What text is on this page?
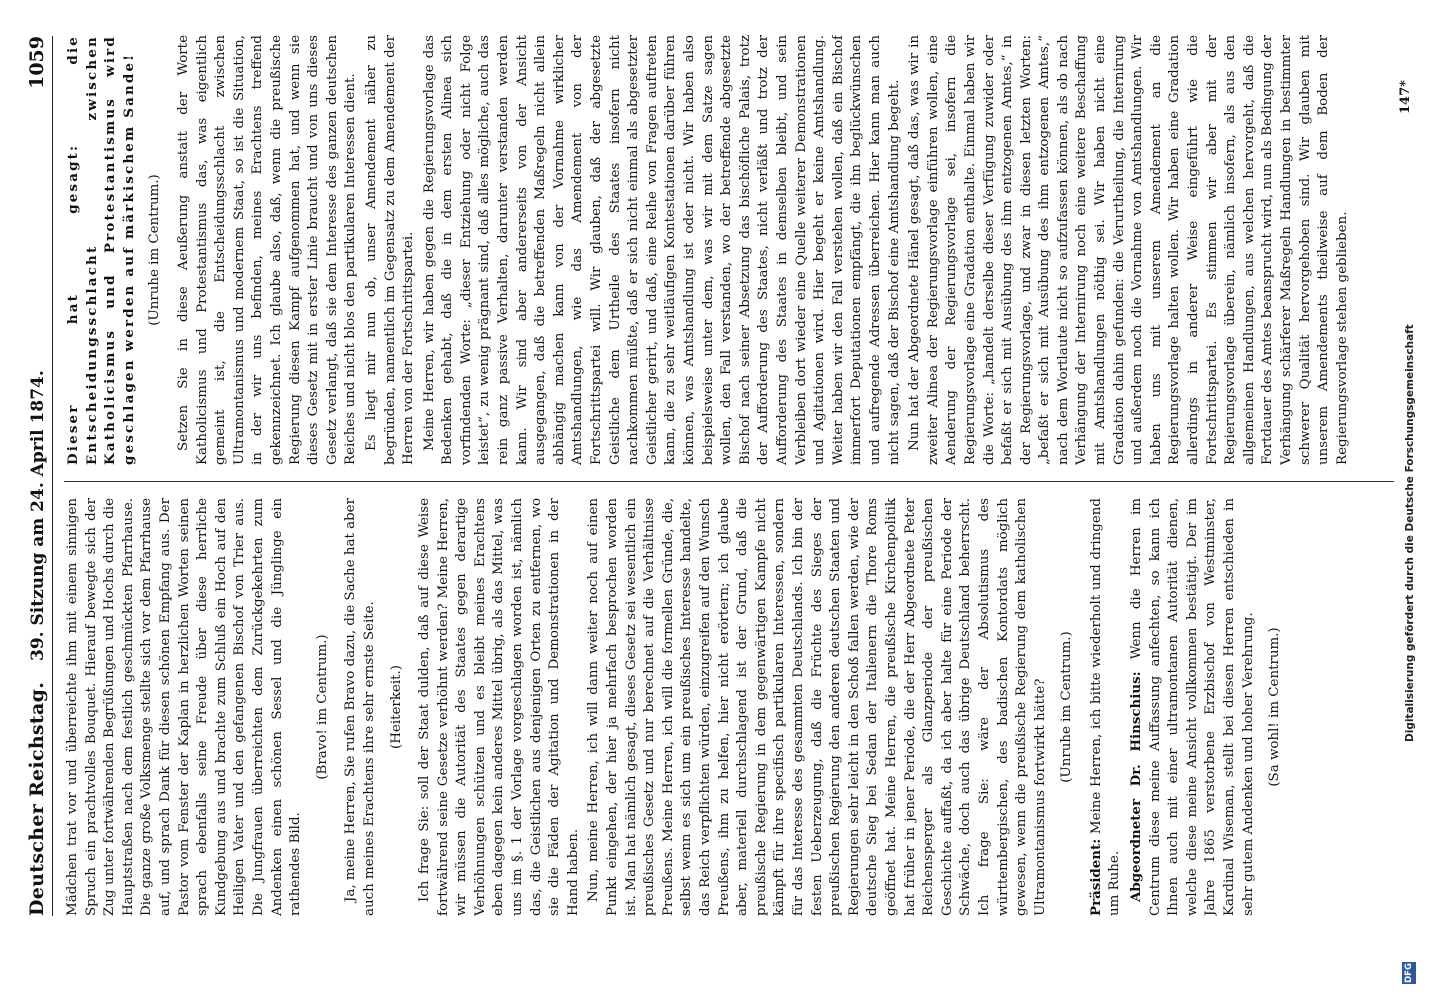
Deutscher Reichstag.
39. Sitzung am 24. April 1874.
1059

Mädchen trat vor und überreichte ihm mit einem sinnigen Spruch ein prachtvolles Bouquet. Hierauf bewegte sich der Zug unter fortwährenden Begrüßungen und Hochs durch die Hauptstraßen nach dem festlich geschmückten Pfarrhause. Die ganze große Volksmenge stellte sich vor dem Pfarrhause auf, und sprach Dank für diesen schönen Empfang aus. Der Pastor vom Fenster der Kaplan in herzlichen Worten seinen sprach ebenfalls seine Freude über diese herrliche Kundgebung aus und brachte zum Schluß ein Hoch auf den Heiligen Vater und den gefangenen Bischof von Trier aus. Die Jungfrauen überreichten dem Zurückgekehrten zum Andenken einen schönen Sessel und die Jünglinge ein rathendes Bild.

(Bravo! im Centrum.) Ja, meine Herren, Sie rufen Bravo dazu, die Sache hat aber auch meines Erachtens ihre sehr ernste Seite. (Heiterkeit.) Ich frage Sie: soll der Staat dulden, daß auf diese Weise fortwährend seine Gesetze verhöhnt werden? Meine Herren, wir müssen die Autorität des Staates gegen derartige Verhöhnungen schützen und es bleibt meines Erachtens eben dagegen kein anderes Mittel übrig, als das Mittel, was uns im §. 1 der Vorlage vorgeschlagen worden ist, nämlich das, die Geistlichen aus denjenigen Orten zu entfernen, wo sie die Fäden der Agitation und Demonstrationen in der Hand haben. Nun, meine Herren, ich will dann weiter noch auf einen Punkt eingehen, der hier ja mehrfach besprochen worden ist. Man hat nämlich gesagt, dieses Gesetz sei wesentlich ein preußisches Gesetz und nur berechnet auf die Verhältnisse Preußens. Meine Herren, ich will die formellen Gründe, die, selbst wenn es sich um ein preußisches Interesse handelte, das Reich verpflichten würden, einzugreifen auf den Wunsch Preußens, ihm zu helfen, hier nicht erörtern; ich glaube aber, materiell durchschlagend ist der Grund, daß die preußische Regierung in dem gegenwärtigen Kampfe nicht kämpft für ihre specifisch partikularen Interessen, sondern für das Interesse des gesammten Deutschlands. Ich bin der festen Ueberzeugung, daß die Früchte des Sieges der preußischen Regierung den anderen deutschen Staaten und Regierungen sehr leicht in den Schoß fallen werden, wie der deutsche Sieg bei Sedan der Italienern die Thore Roms geöffnet hat. Meine Herren, die preußische Kirchenpolitik hat früher in jener Periode, die der Herr Abgeordnete Peter Reichensperger als Glanzperiode der preußischen Geschichte auffaßt, da ich aber halte für eine Periode der Schwäche, doch auch das übrige Deutschland beherrscht. Ich frage Sie: wäre der Absolutismus des württembergischen, des badischen Kontordats möglich gewesen, wenn die preußische Regierung dem katholischen Ultramontanismus fortwirkt hätte? (Unruhe im Centrum.)

Präsident: Meine Herren, ich bitte wiederholt und dringend um Ruhe. Abgeordneter Dr. Hinschius: Wenn die Herren im Centrum diese meine Auffassung anfechten, so kann ich Ihnen auch mit einer ultramontanen Autorität dienen, welche diese meine Ansicht vollkommen bestätigt. Der im Jahre 1865 verstorbene Erzbischof von Westminster, Kardinal Wiseman, stellt bei diesen Herren entschieden in sehr gutem Andenken und hoher Verehrung. (Sa wohl! im Centrum.)

Dieser hat gesagt: die Entscheidungsschlacht zwischen Katholicismus und Protestantismus wird geschlagen werden auf märkischem Sande! (Unruhe im Centrum.) Setzen Sie in diese Aeußerung anstatt der Worte Katholicismus und Protestantismus das, was eigentlich gemeint ist, die Entscheidungsschlacht zwischen Ultramontanismus und modernem Staat, so ist die Situation, in der wir uns befinden, meines Erachtens treffend gekennzeichnet. Ich glaube also, daß, wenn die preußische Regierung diesen Kampf aufgenommen hat, und wenn sie dieses Gesetz mit in erster Linie braucht und von uns dieses Gesetz verlangt, daß sie dem Interesse des ganzen deutschen Reiches und nicht blos den partikularen Interessen dient. Es liegt mir nun ob, unser Amendement näher zu begründen, namentlich im Gegensatz zu dem Amendement der Herren von der Fortschrittspartei. Meine Herren, wir haben gegen die Regierungsvorlage das Bedenken gehabt, daß die in dem ersten Alinea sich vorfindenden Worte: „dieser Entziehung oder nicht Folge leistet“, zu wenig prägnant sind, daß alles mögliche, auch das rein ganz passive Verhalten, darunter verstanden werden kann. Wir sind aber andererseits von der Ansicht ausgegangen, daß die betreffenden Maßregeln nicht allein abhängig machen kann von der Vornahme wirklicher Amtshandlungen, wie das Amendement von der Fortschrittspartei will. Wir glauben, daß der abgesetzte Geistliche dem Urtheile des Staates insofern nicht nachkommen müßte, daß er sich nicht einmal als abgesetzter Geistlicher gerirt, und daß, eine Reihe von Fragen auftreten kann, die zu sehr weitläufigen Kontestationen darüber führen können, was Amtshandlung ist oder nicht. Wir haben also beispielsweise unter dem, was wir mit dem Satze sagen wollen, den Fall verstanden, wo der betreffende abgesetzte Bischof nach seiner Absetzung das bischöfliche Palais, trotz der Aufforderung des Staates, nicht verläßt und trotz der Aufforderung des Staates in demselben bleibt, und sein Verbleiben dort wieder eine Quelle weiterer Demonstrationen und Agitationen wird. Hier begeht er keine Amtshandlung. Weiter haben wir den Fall verstehen wollen, daß ein Bischof immerfort Deputationen empfängt, die ihn beglückwünschen und aufregende Adressen überreichen. Hier kann man auch nicht sagen, daß der Bischof eine Amtshandlung begeht. Nun hat der Abgeordnete Hänel gesagt, daß das, was wir in zweiter Alinea der Regierungsvorlage einführen wollen, eine Aenderung der Regierungsvorlage sei, insofern die Regierungsvorlage eine Gradation enthalte. Einmal haben wir die Worte: „handelt derselbe dieser Verfügung zuwider oder befaßt er sich mit Ausübung des ihm entzogenen Amtes,“ in der Regierungsvorlage, und zwar in diesen letzten Worten: „befaßt er sich mit Ausübung des ihm entzogenen Amtes,“ nach dem Wortlaute nicht so aufzufassen können, als ob nach Verhängung der Internirung noch eine weitere Beschaffung mit Amtshandlungen nöthig sei. Wir haben nicht eine Gradation dahin gefunden: die Verurtheilung, die Internirung und außerdem noch die Vornahme von Amtshandlungen. Wir haben uns mit unserem Amendement an die Regierungsvorlage halten wollen. Wir haben eine Gradation allerdings in anderer Weise eingeführt wie die Fortschrittspartei. Es stimmen wir aber mit der Regierungsvorlage überein, nämlich insofern, als aus den allgemeinen Handlungen, aus welchen hervorgeht, daß die Fortdauer des Amtes beansprucht wird, nun als Bedingung der Verhängung schärferer Maßregeln Handlungen in bestimmter schwerer Qualität hervorgehoben sind. Wir glauben mit unserem Amendements theilweise auf dem Boden der Regierungsvorlage stehen geblieben.

147*
Digitalisierung gefördert durch die Deutsche Forschungsgemeinschaft
DFG
